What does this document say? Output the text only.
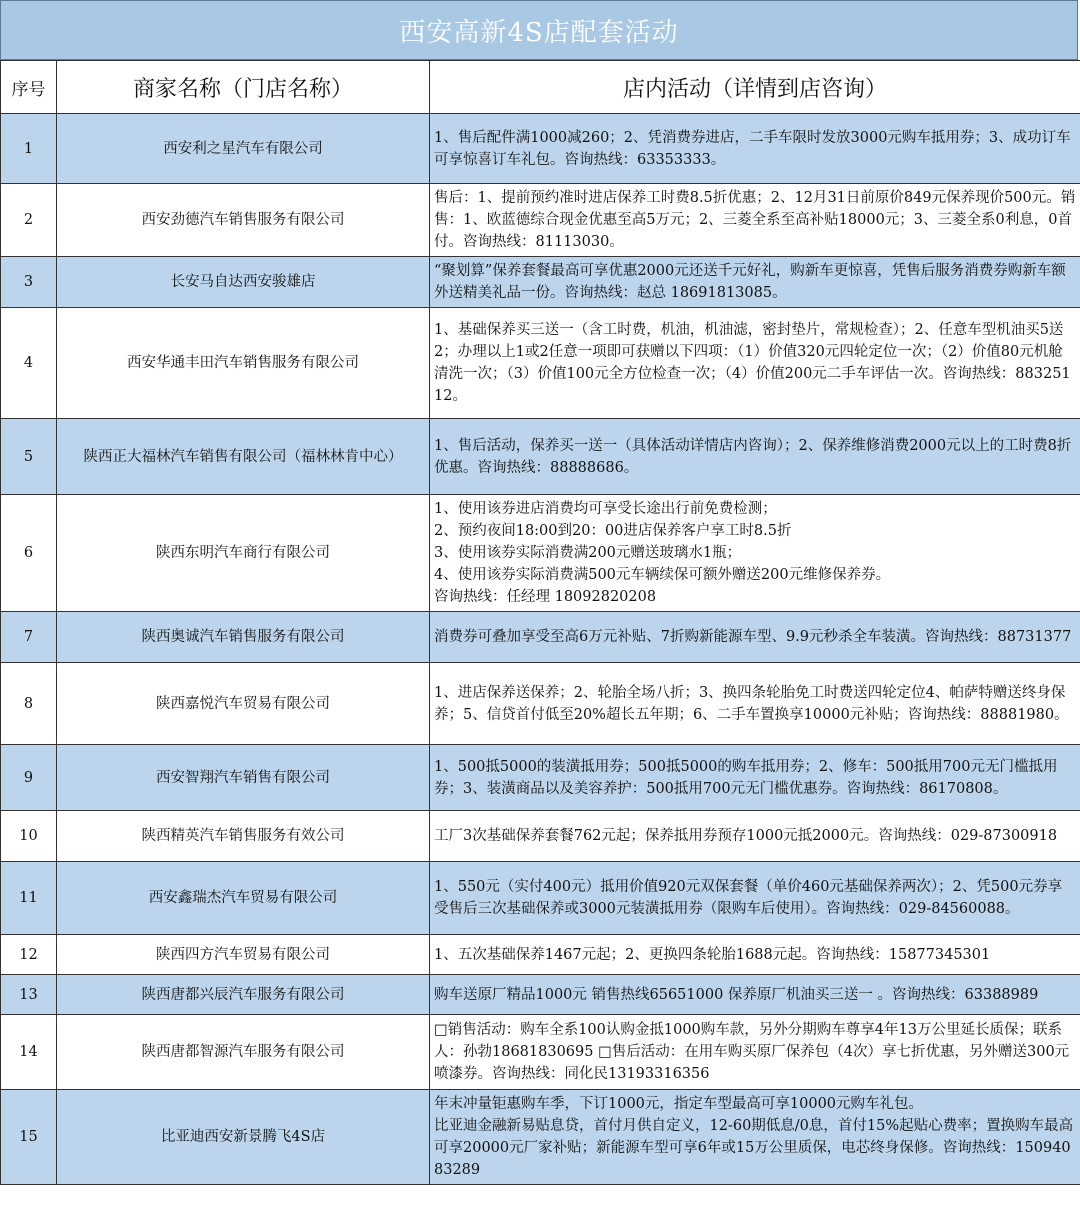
西安高新4S店配套活动
序号	商家名称（门店名称）	店内活动（详情到店咨询）
1	西安利之星汽车有限公司	1、售后配件满1000减260；2、凭消费券进店，二手车限时发放3000元购车抵用券；3、成功订车可享惊喜订车礼包。咨询热线：63353333。

2	西安劲德汽车销售服务有限公司	售后：1、提前预约准时进店保养工时费8.5折优惠；2、12月31日前原价849元保养现价500元。销售：1、欧蓝德综合现金优惠至高5万元；2、三菱全系至高补贴18000元；3、三菱全系0利息，0首付。咨询热线：81113030。

3	长安马自达西安骏雄店	“聚划算”保养套餐最高可享优惠2000元还送千元好礼，购新车更惊喜，凭售后服务消费券购新车额外送精美礼品一份。咨询热线：赵总 18691813085。

4	西安华通丰田汽车销售服务有限公司	1、基础保养买三送一（含工时费，机油，机油滤，密封垫片，常规检查）；2、任意车型机油买5送2；办理以上1或2任意一项即可获赠以下四项：（1）价值320元四轮定位一次；（2）价值80元机舱清洗一次；（3）价值100元全方位检查一次；（4）价值200元二手车评估一次。咨询热线：88325112。

5	陕西正大福林汽车销售有限公司（福林林肯中心）	1、售后活动，保养买一送一（具体活动详情店内咨询）；2、保养维修消费2000元以上的工时费8折优惠。咨询热线：88888686。

6	陕西东明汽车商行有限公司	1、使用该券进店消费均可享受长途出行前免费检测；
2、预约夜间18:00到20：00进店保养客户享工时8.5折
3、使用该券实际消费满200元赠送玻璃水1瓶；
4、使用该券实际消费满500元车辆续保可额外赠送200元维修保养券。
咨询热线：任经理 18092820208

7	陕西奥诚汽车销售服务有限公司	消费券可叠加享受至高6万元补贴、7折购新能源车型、9.9元秒杀全车装潢。咨询热线：88731377

8	陕西嘉悦汽车贸易有限公司	1、进店保养送保养；2、轮胎全场八折；3、换四条轮胎免工时费送四轮定位4、帕萨特赠送终身保养；5、信贷首付低至20%超长五年期；6、二手车置换享10000元补贴；咨询热线：88881980。

9	西安智翔汽车销售有限公司	1、500抵5000的装潢抵用券；500抵5000的购车抵用券；2、修车：500抵用700元无门槛抵用券；3、装潢商品以及美容养护：500抵用700元无门槛优惠券。咨询热线：86170808。

10	陕西精英汽车销售服务有效公司	工厂3次基础保养套餐762元起；保养抵用券预存1000元抵2000元。咨询热线：029-87300918

11	西安鑫瑞杰汽车贸易有限公司	1、550元（实付400元）抵用价值920元双保套餐（单价460元基础保养两次）；2、凭500元券享受售后三次基础保养或3000元装潢抵用券（限购车后使用）。咨询热线：029-84560088。

12	陕西四方汽车贸易有限公司	1、五次基础保养1467元起；2、更换四条轮胎1688元起。咨询热线：15877345301

13	陕西唐都兴辰汽车服务有限公司	购车送原厂精品1000元 销售热线65651000 保养原厂机油买三送一 。咨询热线：63388989

14	陕西唐都智源汽车服务有限公司	□销售活动：购车全系100认购金抵1000购车款，另外分期购车尊享4年13万公里延长质保；联系人：孙勃18681830695 □售后活动：在用车购买原厂保养包（4次）享七折优惠，另外赠送300元喷漆券。咨询热线：同化民13193316356

15	比亚迪西安新景腾飞4S店	年末冲量钜惠购车季，下订1000元，指定车型最高可享10000元购车礼包。
比亚迪金融新易贴息贷，首付月供自定义，12-60期低息/0息，首付15%起贴心费率；置换购车最高可享20000元厂家补贴；新能源车型可享6年或15万公里质保，电芯终身保修。咨询热线：15094083289
